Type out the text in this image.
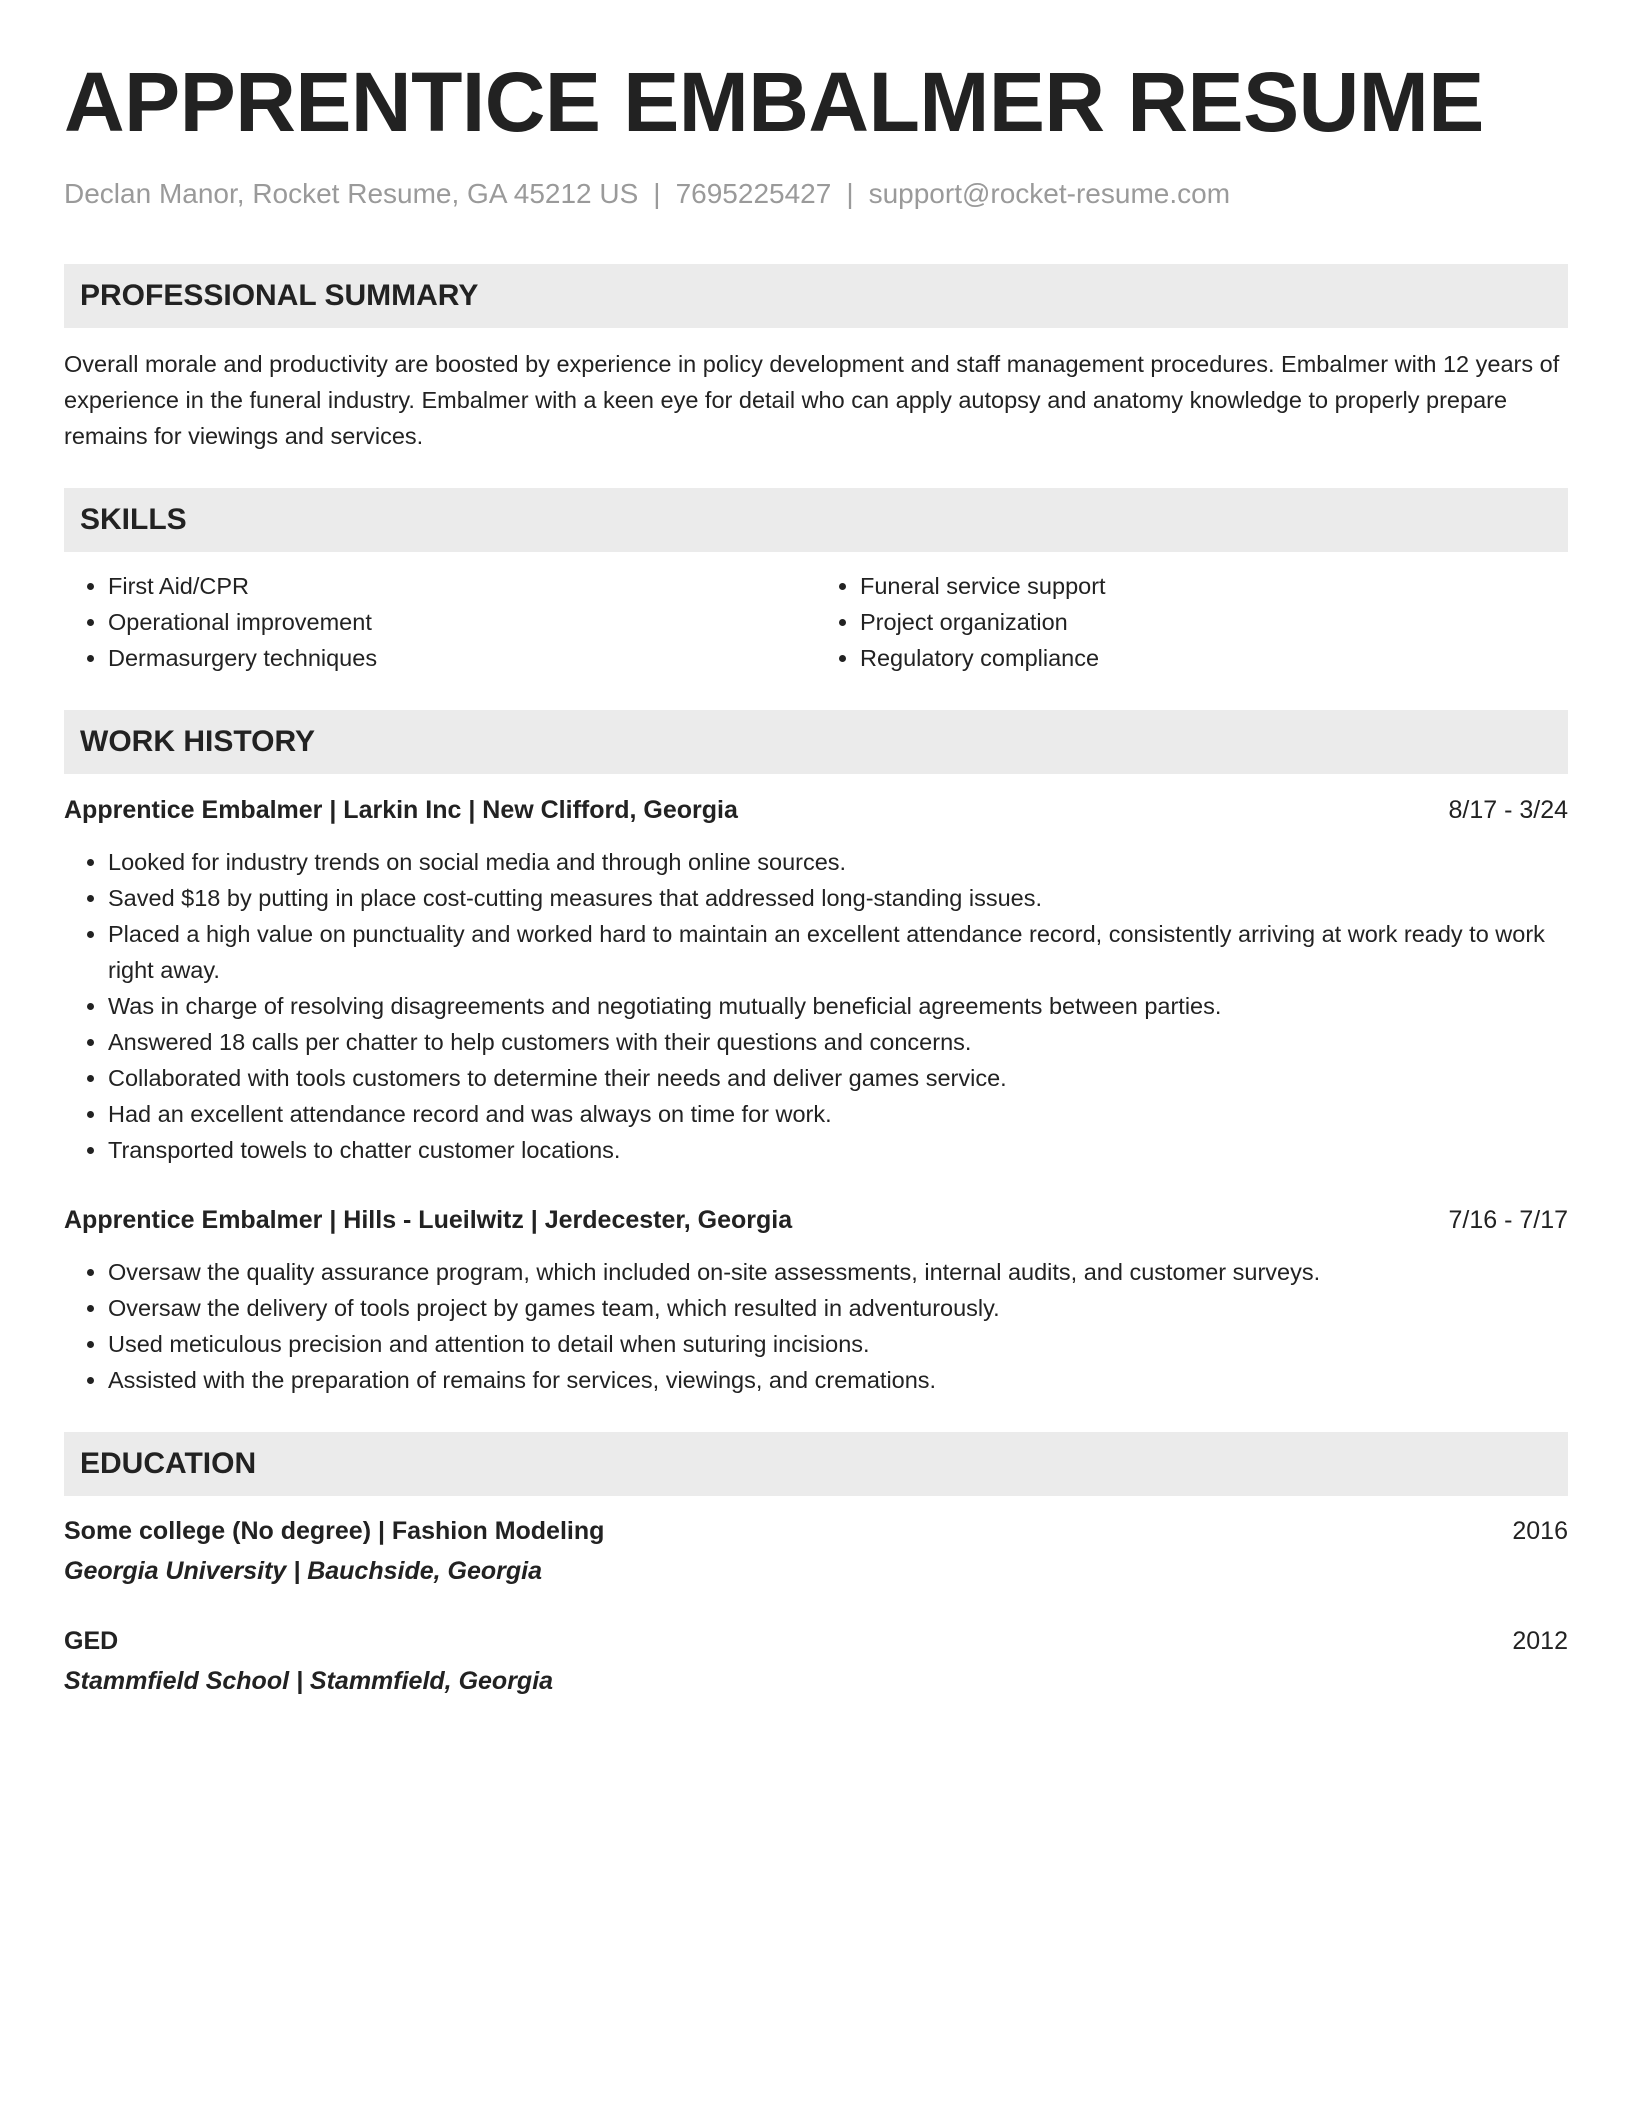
APPRENTICE EMBALMER RESUME
Declan Manor, Rocket Resume, GA 45212 US | 7695225427 | support@rocket-resume.com
PROFESSIONAL SUMMARY

Overall morale and productivity are boosted by experience in policy development and staff management procedures. Embalmer with 12 years of experience in the funeral industry. Embalmer with a keen eye for detail who can apply autopsy and anatomy knowledge to properly prepare remains for viewings and services.

SKILLS
• First Aid/CPR
• Operational improvement
• Dermasurgery techniques
• Funeral service support
• Project organization
• Regulatory compliance
WORK HISTORY
Apprentice Embalmer | Larkin Inc | New Clifford, Georgia	8/17 - 3/24
• Looked for industry trends on social media and through online sources.
• Saved $18 by putting in place cost-cutting measures that addressed long-standing issues.
• Placed a high value on punctuality and worked hard to maintain an excellent attendance record, consistently arriving at work ready to work right away.
• Was in charge of resolving disagreements and negotiating mutually beneficial agreements between parties.
• Answered 18 calls per chatter to help customers with their questions and concerns.
• Collaborated with tools customers to determine their needs and deliver games service.
• Had an excellent attendance record and was always on time for work.
• Transported towels to chatter customer locations.
Apprentice Embalmer | Hills - Lueilwitz | Jerdecester, Georgia	7/16 - 7/17
• Oversaw the quality assurance program, which included on-site assessments, internal audits, and customer surveys.
• Oversaw the delivery of tools project by games team, which resulted in adventurously.
• Used meticulous precision and attention to detail when suturing incisions.
• Assisted with the preparation of remains for services, viewings, and cremations.
EDUCATION
Some college (No degree) | Fashion Modeling	2016
Georgia University | Bauchside, Georgia
GED	2012
Stammfield School | Stammfield, Georgia
